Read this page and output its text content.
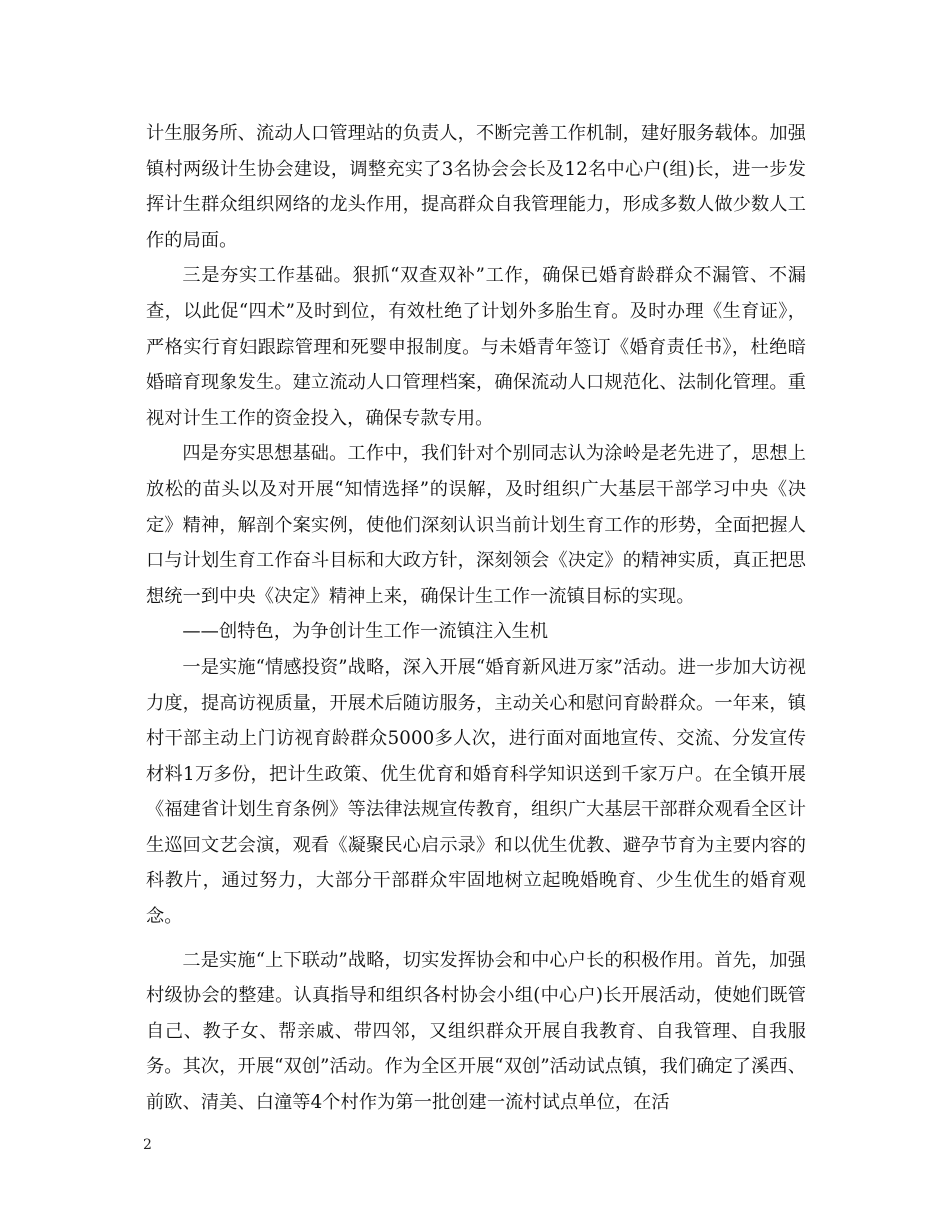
计生服务所、流动人口管理站的负责人，不断完善工作机制，建好服务载体。加强镇村两级计生协会建设，调整充实了3名协会会长及12名中心户(组)长，进一步发挥计生群众组织网络的龙头作用，提高群众自我管理能力，形成多数人做少数人工作的局面。

三是夯实工作基础。狠抓“双查双补”工作，确保已婚育龄群众不漏管、不漏查，以此促“四术”及时到位，有效杜绝了计划外多胎生育。及时办理《生育证》，严格实行育妇跟踪管理和死婴申报制度。与未婚青年签订《婚育责任书》，杜绝暗婚暗育现象发生。建立流动人口管理档案，确保流动人口规范化、法制化管理。重视对计生工作的资金投入，确保专款专用。

四是夯实思想基础。工作中，我们针对个别同志认为涂岭是老先进了，思想上放松的苗头以及对开展“知情选择”的误解，及时组织广大基层干部学习中央《决定》精神，解剖个案实例，使他们深刻认识当前计划生育工作的形势，全面把握人口与计划生育工作奋斗目标和大政方针，深刻领会《决定》的精神实质，真正把思想统一到中央《决定》精神上来，确保计生工作一流镇目标的实现。

——创特色，为争创计生工作一流镇注入生机

一是实施“情感投资”战略，深入开展“婚育新风进万家”活动。进一步加大访视力度，提高访视质量，开展术后随访服务，主动关心和慰问育龄群众。一年来，镇村干部主动上门访视育龄群众5000多人次，进行面对面地宣传、交流、分发宣传材料1万多份，把计生政策、优生优育和婚育科学知识送到千家万户。在全镇开展《福建省计划生育条例》等法律法规宣传教育，组织广大基层干部群众观看全区计生巡回文艺会演，观看《凝聚民心启示录》和以优生优教、避孕节育为主要内容的科教片，通过努力，大部分干部群众牢固地树立起晚婚晚育、少生优生的婚育观念。

二是实施“上下联动”战略，切实发挥协会和中心户长的积极作用。首先，加强村级协会的整建。认真指导和组织各村协会小组(中心户)长开展活动，使她们既管自己、教子女、帮亲戚、带四邻，又组织群众开展自我教育、自我管理、自我服务。其次，开展“双创”活动。作为全区开展“双创”活动试点镇，我们确定了溪西、前欧、清美、白潼等4个村作为第一批创建一流村试点单位，在活

2
